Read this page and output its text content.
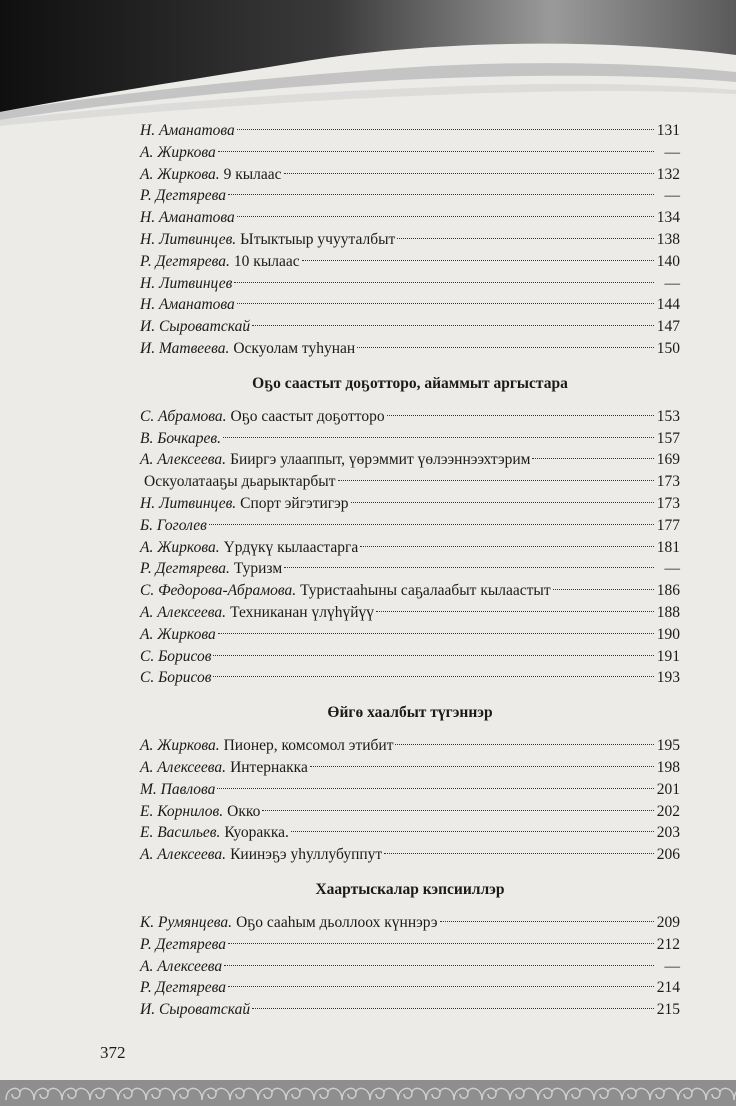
Н. Аманатова	131
А. Жиркова	—
А. Жиркова. 9 кылаас	132
Р. Дегтярева	—
Н. Аманатова	134
Н. Литвинцев. Ытыктыыр учууталбыт	138
Р. Дегтярева. 10 кылаас	140
Н. Литвинцев	—
Н. Аманатова	144
И. Сыроватскай	147
И. Матвеева. Оскуолам туһунан	150
Оҕо саастыт доҕотторо, айаммыт аргыстара
С. Абрамова. Оҕо саастыт доҕотторо	153
В. Бочкарев.	157
А. Алексеева. Бииргэ улааппыт, үөрэммит үөлээннээхтэрим	169
Оскуолатааҕы дьарыктарбыт	173
Н. Литвинцев. Спорт эйгэтигэр	173
Б. Гоголев	177
А. Жиркова. Үрдүкү кылаастарга	181
Р. Дегтярева. Туризм	—
С. Федорова-Абрамова. Туристааһыны саҕалаабыт кылаастыт	186
А. Алексеева. Техниканан үлүһүйүү	188
А. Жиркова	190
С. Борисов	191
С. Борисов	193
Өйгө хаалбыт түгэннэр
А. Жиркова. Пионер, комсомол этибит	195
А. Алексеева. Интернакка	198
М. Павлова	201
Е. Корнилов. Окко	202
Е. Васильев. Куоракка.	203
А. Алексеева. Киинэҕэ уһуллубуппут	206
Хаартыскалар кэпсииллэр
К. Румянцева. Оҕо сааһым дьоллоох күннэрэ	209
Р. Дегтярева	212
А. Алексеева	—
Р. Дегтярева	214
И. Сыроватскай	215
372
